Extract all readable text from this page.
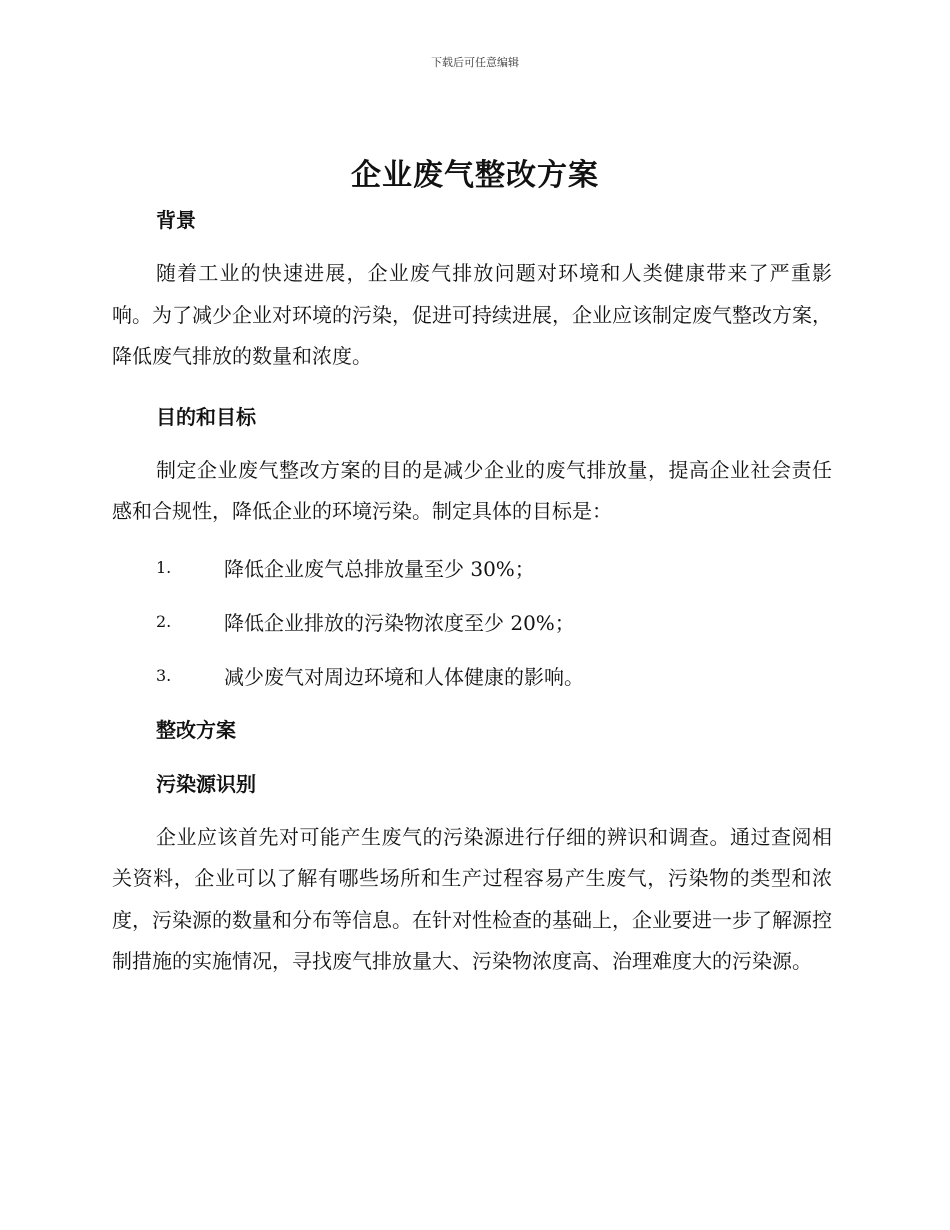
下载后可任意编辑
企业废气整改方案
背景
随着工业的快速进展，企业废气排放问题对环境和人类健康带来了严重影响。为了减少企业对环境的污染，促进可持续进展，企业应该制定废气整改方案，降低废气排放的数量和浓度。
目的和目标
制定企业废气整改方案的目的是减少企业的废气排放量，提高企业社会责任感和合规性，降低企业的环境污染。制定具体的目标是：
1.	降低企业废气总排放量至少 30%；
2.	降低企业排放的污染物浓度至少 20%；
3.	减少废气对周边环境和人体健康的影响。
整改方案
污染源识别
企业应该首先对可能产生废气的污染源进行仔细的辨识和调查。通过查阅相关资料，企业可以了解有哪些场所和生产过程容易产生废气，污染物的类型和浓度，污染源的数量和分布等信息。在针对性检查的基础上，企业要进一步了解源控制措施的实施情况，寻找废气排放量大、污染物浓度高、治理难度大的污染源。
